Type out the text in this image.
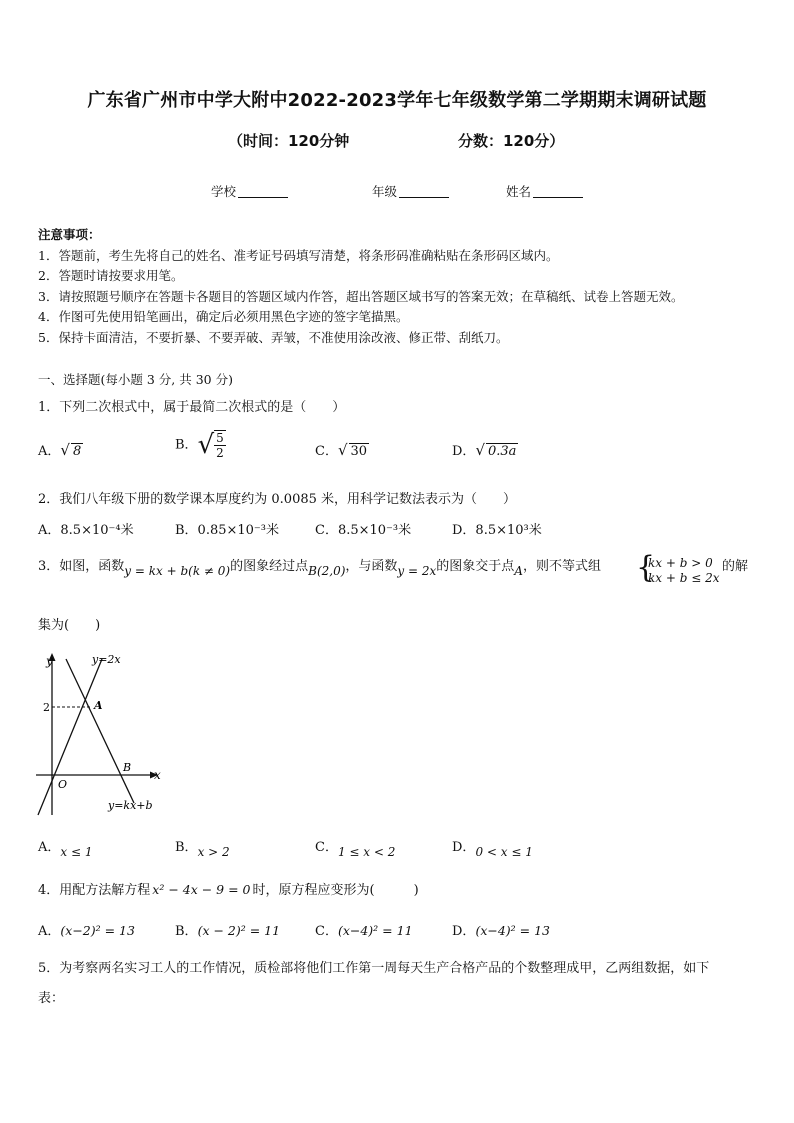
广东省广州市中学大附中2022-2023学年七年级数学第二学期期末调研试题
（时间：120分钟	分数：120分）
学校	年级	姓名
注意事项：
1．答题前，考生先将自己的姓名、准考证号码填写清楚，将条形码准确粘贴在条形码区域内。
2．答题时请按要求用笔。
3．请按照题号顺序在答题卡各题目的答题区域内作答，超出答题区域书写的答案无效；在草稿纸、试卷上答题无效。
4．作图可先使用铅笔画出，确定后必须用黑色字迹的签字笔描黑。
5．保持卡面清洁，不要折暴、不要弄破、弄皱，不准使用涂改液、修正带、刮纸刀。
一、选择题(每小题 3 分, 共 30 分)
1．下列二次根式中，属于最简二次根式的是（　　）
A．√ 8	B．√ $\frac{5}{2}$	C．√ 30	D．√ 0.3a
2．我们八年级下册的数学课本厚度约为 0.0085 米，用科学记数法表示为（　　）
A．8.5×10⁻⁴米	B．0.85×10⁻³米	C．8.5×10⁻³米	D．8.5×10³米
3．如图，函数y = kx + b(k ≠ 0)的图象经过点B(2,0)，与函数y = 2x的图象交于点A，则不等式组 {
kx + b > 0
kx + b ≤ 2x
的解
集为(　　)
y
x
O
2	A
B
y=2x
y=kx+b
A．x ≤ 1	B．x > 2	C．1 ≤ x < 2	D．0 < x ≤ 1
4．用配方法解方程 x² − 4x − 9 = 0 时，原方程应变形为(　　　)
A．(x−2)² = 13	B．(x − 2)² = 11	C．(x−4)² = 11	D．(x−4)² = 13
5．为考察两名实习工人的工作情况，质检部将他们工作第一周每天生产合格产品的个数整理成甲，乙两组数据，如下
表：
